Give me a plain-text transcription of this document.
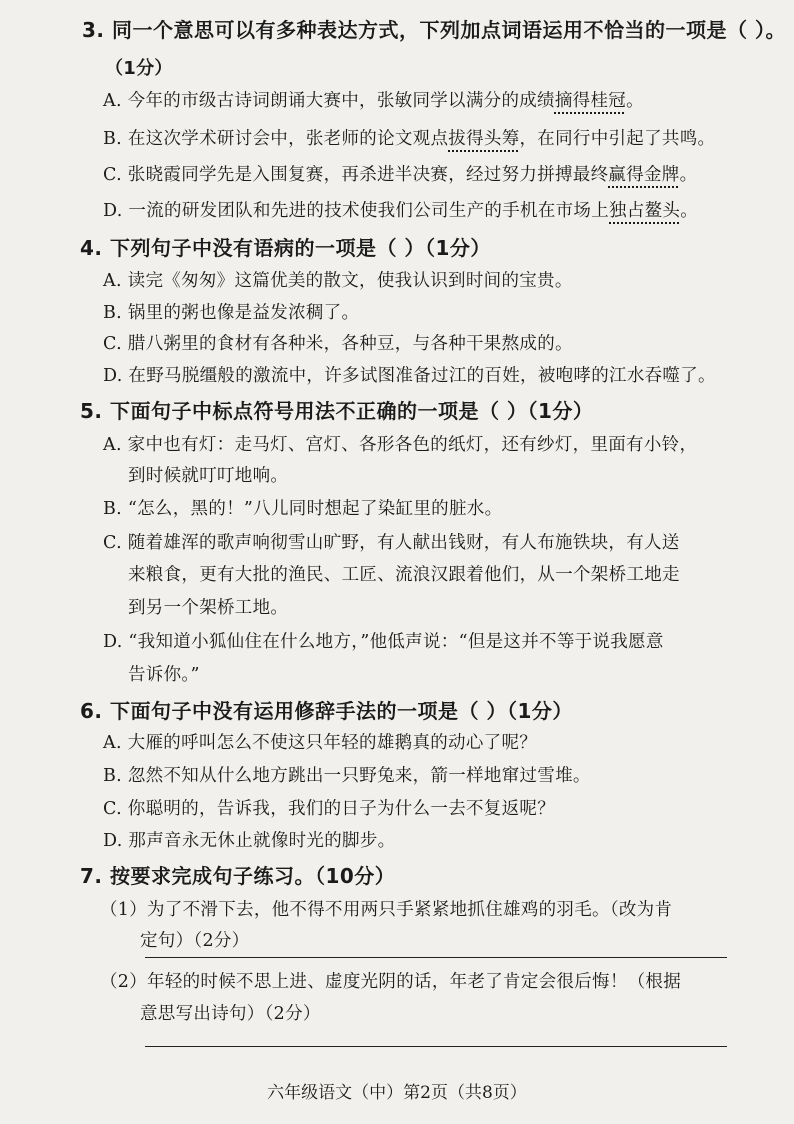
3. 同一个意思可以有多种表达方式，下列加点词语运用不恰当的一项是（ ）。
（1分）
A. 今年的市级古诗词朗诵大赛中，张敏同学以满分的成绩摘得桂冠。
B. 在这次学术研讨会中，张老师的论文观点拔得头筹，在同行中引起了共鸣。
C. 张晓霞同学先是入围复赛，再杀进半决赛，经过努力拼搏最终赢得金牌。
D. 一流的研发团队和先进的技术使我们公司生产的手机在市场上独占鳌头。
4. 下列句子中没有语病的一项是（ ）（1分）
A. 读完《匆匆》这篇优美的散文，使我认识到时间的宝贵。
B. 锅里的粥也像是益发浓稠了。
C. 腊八粥里的食材有各种米，各种豆，与各种干果熬成的。
D. 在野马脱缰般的激流中，许多试图准备过江的百姓，被咆哮的江水吞噬了。
5. 下面句子中标点符号用法不正确的一项是（ ）（1分）
A. 家中也有灯：走马灯、宫灯、各形各色的纸灯，还有纱灯，里面有小铃，
到时候就叮叮地响。
B. “怎么，黑的！”八儿同时想起了染缸里的脏水。
C. 随着雄浑的歌声响彻雪山旷野，有人献出钱财，有人布施铁块，有人送
来粮食，更有大批的渔民、工匠、流浪汉跟着他们，从一个架桥工地走
到另一个架桥工地。
D. “我知道小狐仙住在什么地方，”他低声说：“但是这并不等于说我愿意
告诉你。”
6. 下面句子中没有运用修辞手法的一项是（ ）（1分）
A. 大雁的呼叫怎么不使这只年轻的雄鹅真的动心了呢？
B. 忽然不知从什么地方跳出一只野兔来，箭一样地窜过雪堆。
C. 你聪明的，告诉我，我们的日子为什么一去不复返呢？
D. 那声音永无休止就像时光的脚步。
7. 按要求完成句子练习。（10分）
（1）为了不滑下去，他不得不用两只手紧紧地抓住雄鸡的羽毛。（改为肯
定句）（2分）
（2）年轻的时候不思上进、虚度光阴的话，年老了肯定会很后悔！（根据
意思写出诗句）（2分）
六年级语文（中）第2页（共8页）
